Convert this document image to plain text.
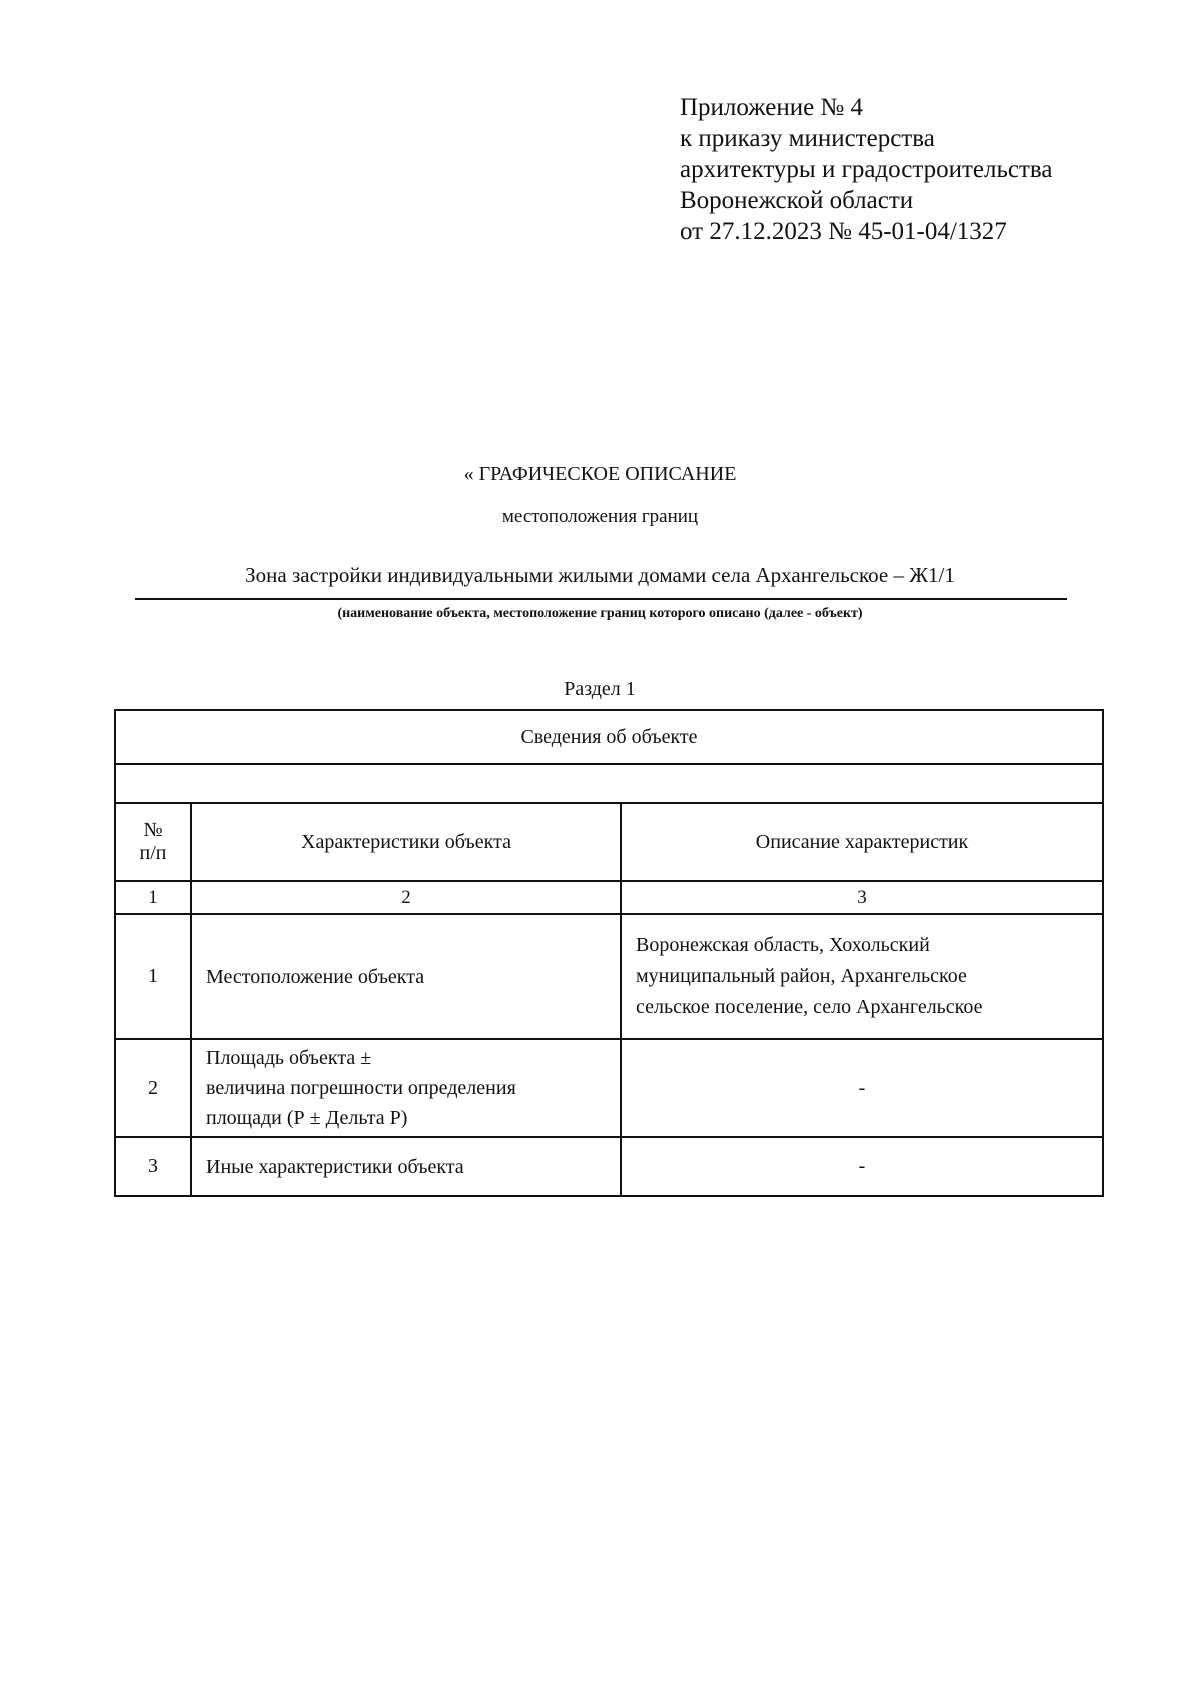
Приложение № 4
к приказу министерства
архитектуры и градостроительства
Воронежской области
от 27.12.2023 № 45-01-04/1327
« ГРАФИЧЕСКОЕ ОПИСАНИЕ
местоположения границ
Зона застройки индивидуальными жилыми домами села Архангельское – Ж1/1
(наименование объекта, местоположение границ которого описано (далее - объект)
Раздел 1
Сведения об объекте		

№
п/п	Характеристики объекта	Описание характеристик
1	2	3
1	Местоположение объекта	Воронежская область, Хохольский
муниципальный район, Архангельское
сельское поселение, село Архангельское

2	Площадь объекта ±
величина погрешности определения
площади (Р ± Дельта Р)	-
3	Иные характеристики объекта	-
